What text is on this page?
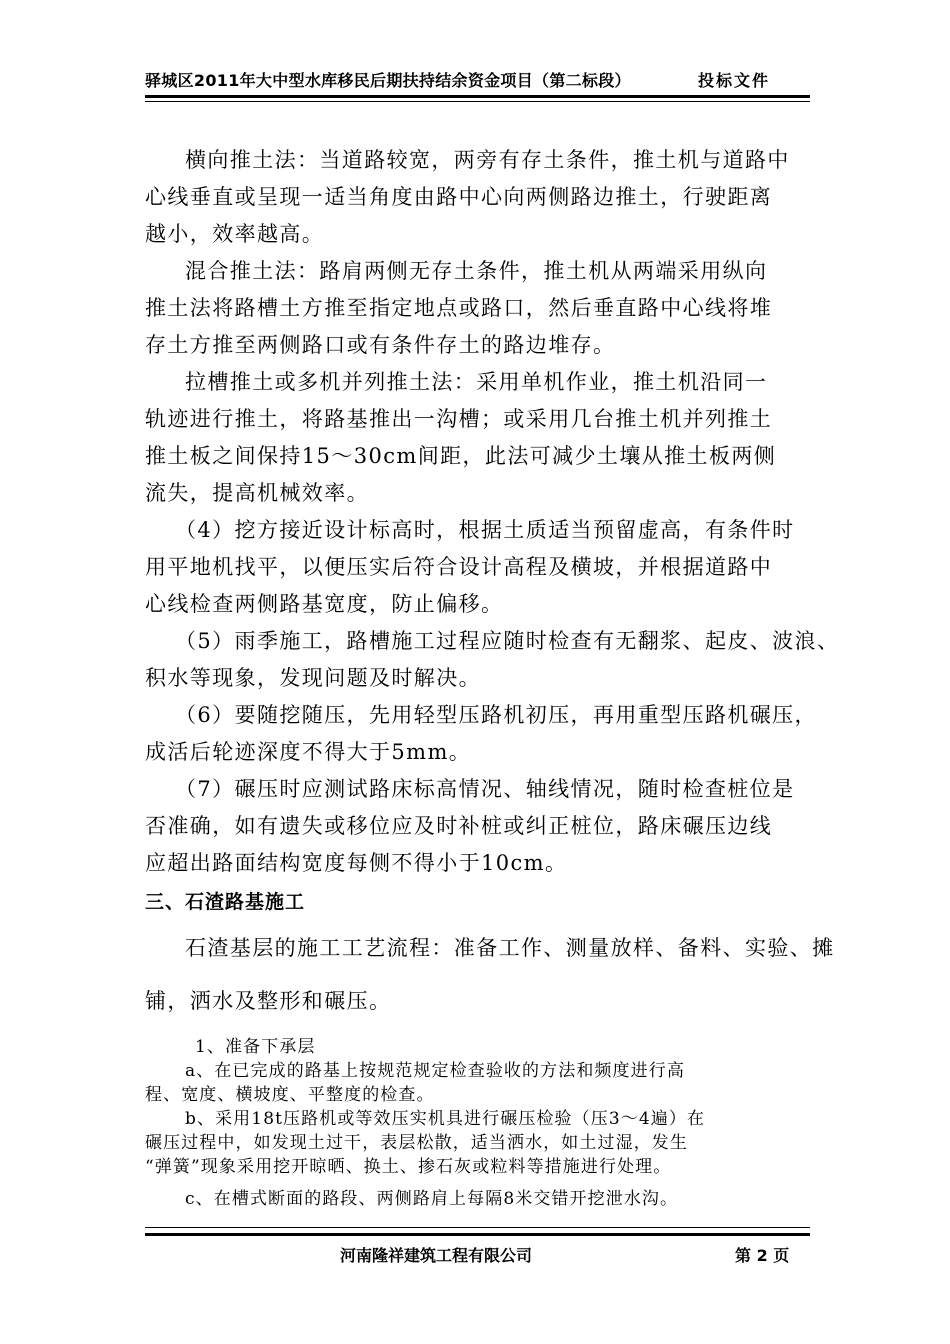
驿城区2011年大中型水库移民后期扶持结余资金项目（第二标段）	投标文件
横向推土法：当道路较宽，两旁有存土条件，推土机与道路中
心线垂直或呈现一适当角度由路中心向两侧路边推土，行驶距离
越小，效率越高。
混合推土法：路肩两侧无存土条件，推土机从两端采用纵向
推土法将路槽土方推至指定地点或路口，然后垂直路中心线将堆
存土方推至两侧路口或有条件存土的路边堆存。
拉槽推土或多机并列推土法：采用单机作业，推土机沿同一
轨迹进行推土，将路基推出一沟槽；或采用几台推土机并列推土
推土板之间保持15～30cm间距，此法可减少土壤从推土板两侧
流失，提高机械效率。
（4）挖方接近设计标高时，根据土质适当预留虚高，有条件时
用平地机找平，以便压实后符合设计高程及横坡，并根据道路中
心线检查两侧路基宽度，防止偏移。
（5）雨季施工，路槽施工过程应随时检查有无翻浆、起皮、波浪、
积水等现象，发现问题及时解决。
（6）要随挖随压，先用轻型压路机初压，再用重型压路机碾压，
成活后轮迹深度不得大于5mm。
（7）碾压时应测试路床标高情况、轴线情况，随时检查桩位是
否准确，如有遗失或移位应及时补桩或纠正桩位，路床碾压边线
应超出路面结构宽度每侧不得小于10cm。
三、石渣路基施工
石渣基层的施工工艺流程：准备工作、测量放样、备料、实验、摊
铺，洒水及整形和碾压。
1、准备下承层
a、在已完成的路基上按规范规定检查验收的方法和频度进行高
程、宽度、横坡度、平整度的检查。
b、采用18t压路机或等效压实机具进行碾压检验（压3～4遍）在
碾压过程中，如发现土过干，表层松散，适当洒水，如土过湿，发生
“弹簧”现象采用挖开晾晒、换土、掺石灰或粒料等措施进行处理。
c、在槽式断面的路段、两侧路肩上每隔8米交错开挖泄水沟。
河南隆祥建筑工程有限公司	第 2 页
